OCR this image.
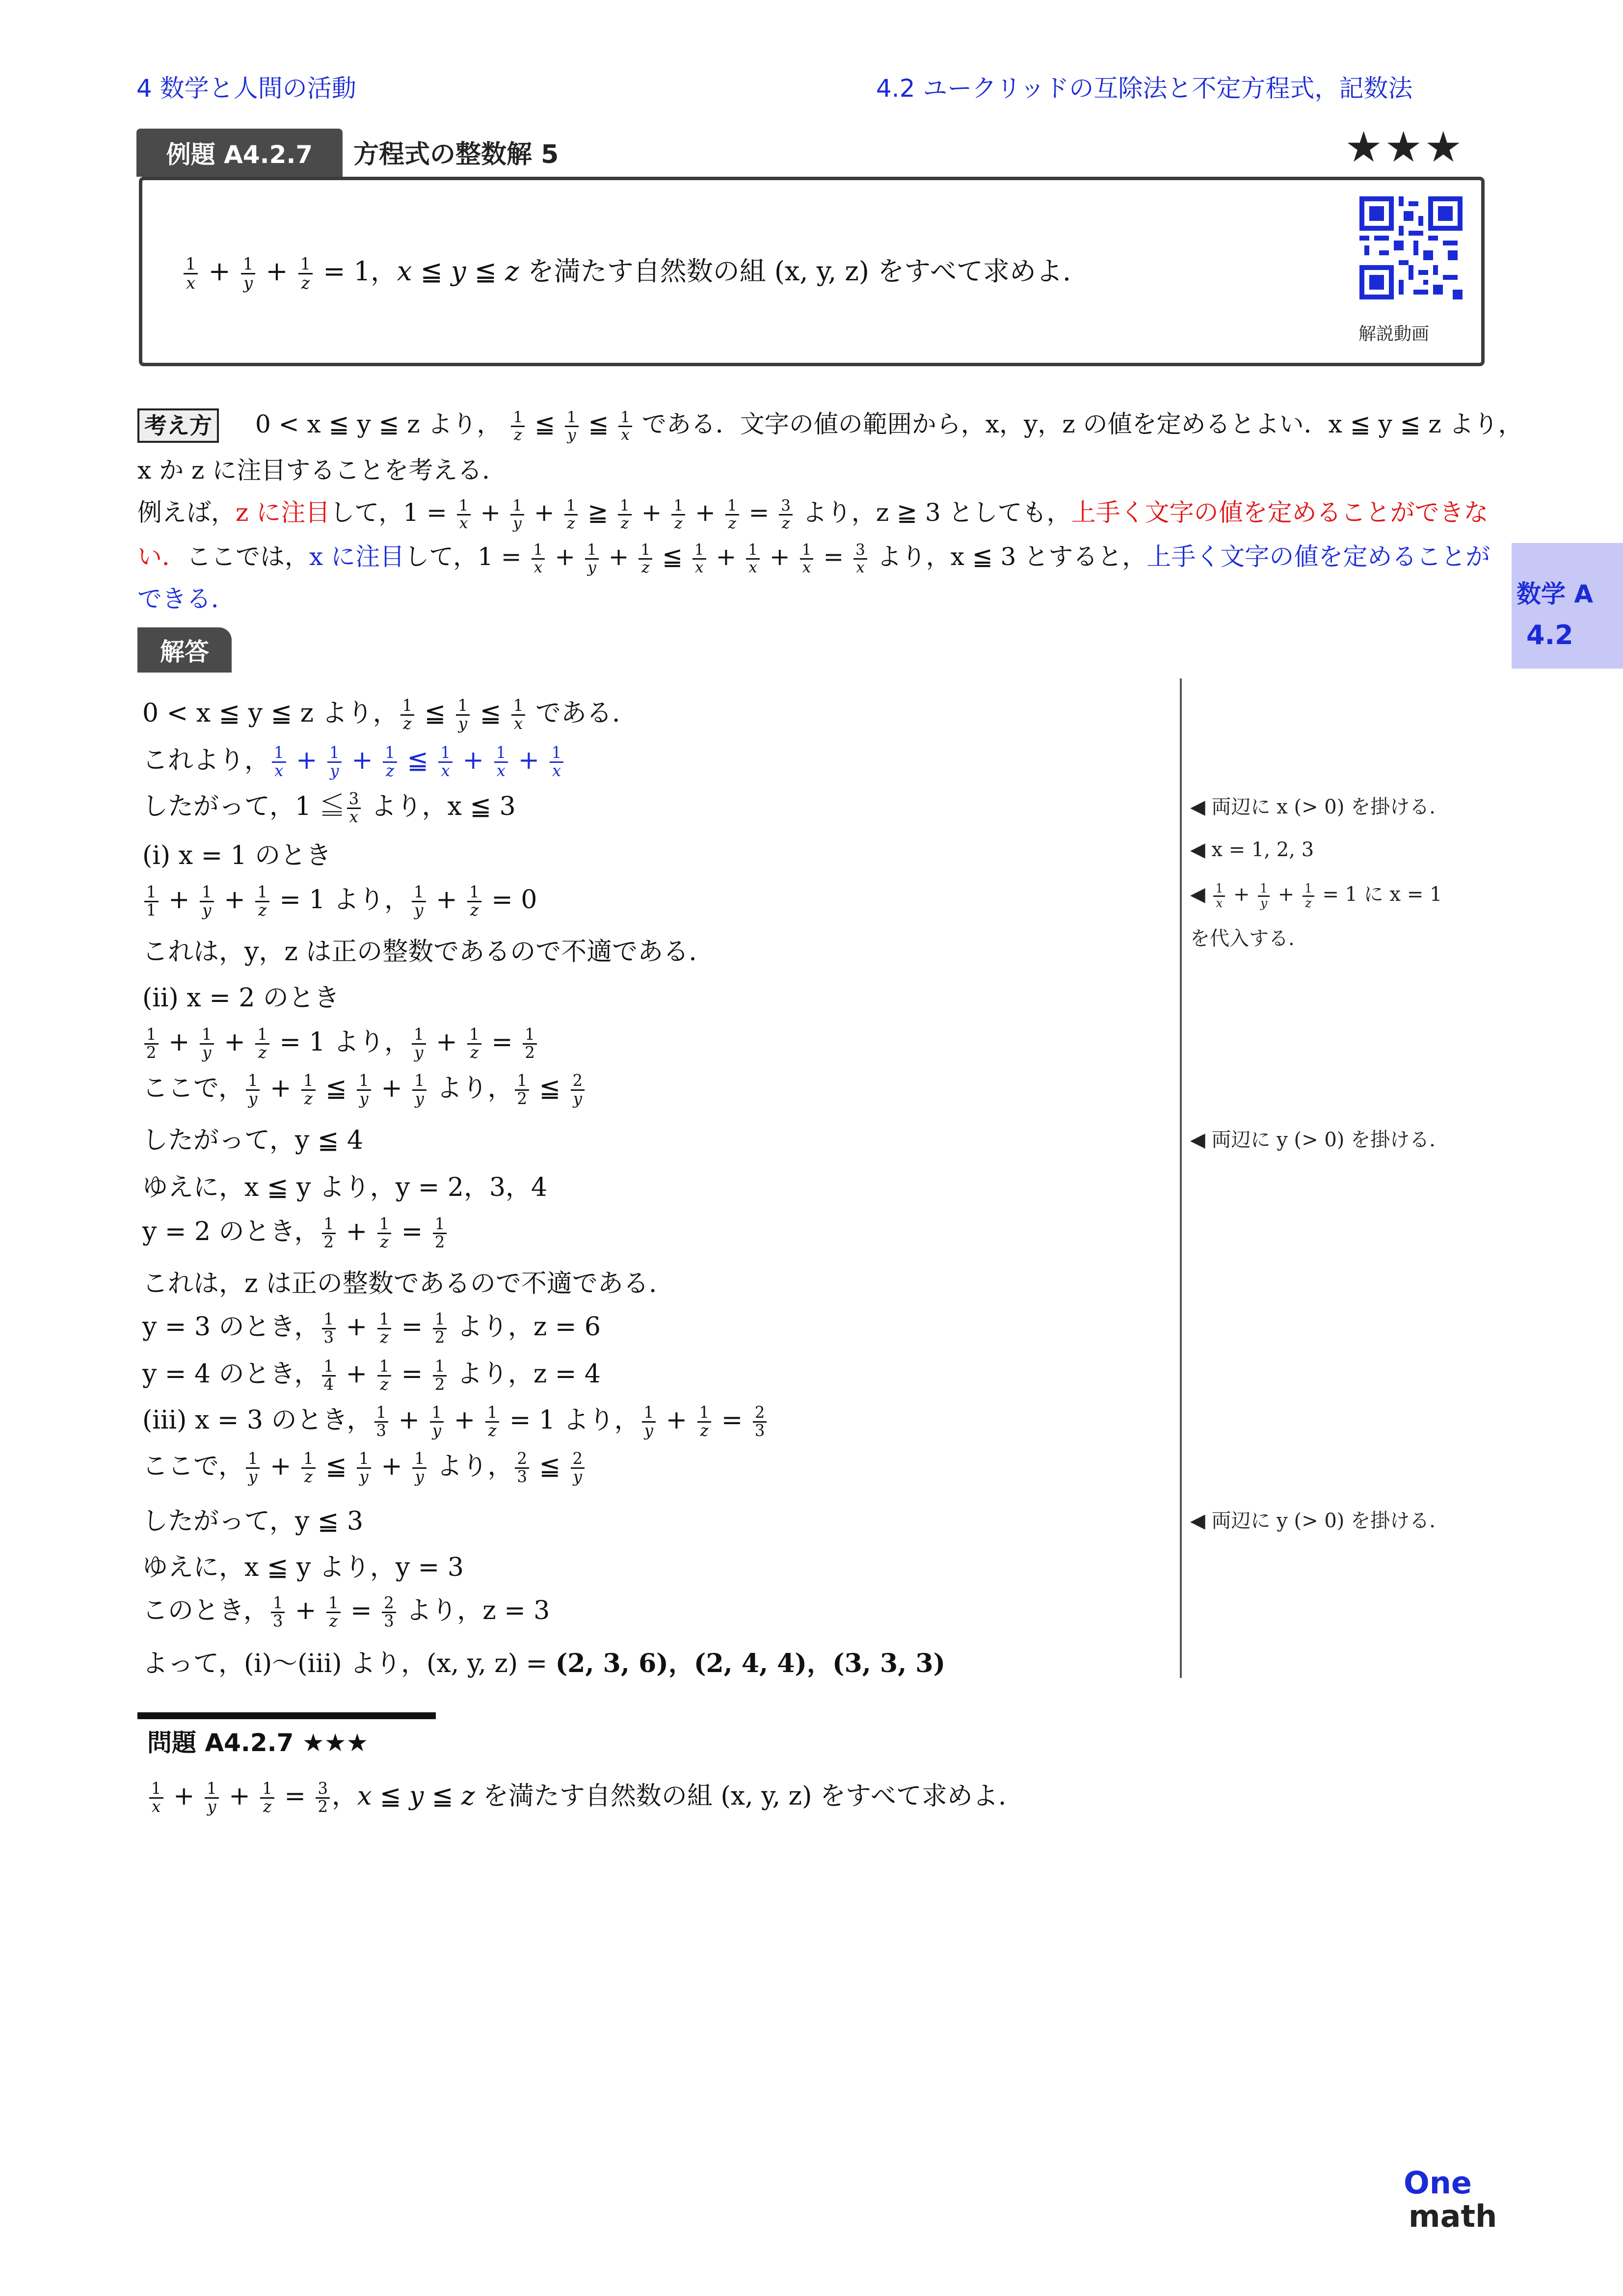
4 数学と人間の活動	4.2 ユークリッドの互除法と不定方程式，記数法
例題 A4.2.7	方程式の整数解 5	★★★
$\frac{1}{x} + \frac{1}{y} + \frac{1}{z} = 1$，x ≦ y ≦ z を満たす自然数の組 (x, y, z) をすべて求めよ.
解説動画
考え方 0 < x ≦ y ≦ z より， $\frac{1}{z}$ ≦ $\frac{1}{y}$ ≦ $\frac{1}{x}$ である．文字の値の範囲から，x，y，z の値を定めるとよい．x ≦ y ≦ z より，
x か z に注目することを考える．
例えば，z に注目して，$1 = \frac{1}{x} + \frac{1}{y} + \frac{1}{z}$ ≧ $\frac{1}{z} + \frac{1}{z} + \frac{1}{z} = \frac{3}{z}$ より，z ≧ 3 としても，上手く文字の値を定めることができな
い．ここでは，x に注目して，$1 = \frac{1}{x} + \frac{1}{y} + \frac{1}{z}$ ≦ $\frac{1}{x} + \frac{1}{x} + \frac{1}{x} = \frac{3}{x}$ より，x ≦ 3 とすると，上手く文字の値を定めることが
できる．	数学 A
4.2
解答
0 < x ≦ y ≦ z より， $\frac{1}{z}$ ≦ $\frac{1}{y}$ ≦ $\frac{1}{x}$ である.
これより， $\frac{1}{x} + \frac{1}{y} + \frac{1}{z}$ ≦ $\frac{1}{x} + \frac{1}{x} + \frac{1}{x}$
したがって，1 ≦ $\frac{3}{x}$ より，x ≦ 3
(i) x = 1 のとき
$\frac{1}{1} + \frac{1}{y} + \frac{1}{z} = 1$ より， $\frac{1}{y} + \frac{1}{z} = 0$
これは，y，z は正の整数であるので不適である.
(ii) x = 2 のとき
$\frac{1}{2} + \frac{1}{y} + \frac{1}{z} = 1$ より， $\frac{1}{y} + \frac{1}{z} = \frac{1}{2}$
ここで， $\frac{1}{y} + \frac{1}{z}$ ≦ $\frac{1}{y} + \frac{1}{y}$ より， $\frac{1}{2}$ ≦ $\frac{2}{y}$
したがって，y ≦ 4
ゆえに，x ≦ y より，y = 2，3，4
y = 2 のとき， $\frac{1}{2} + \frac{1}{z} = \frac{1}{2}$
これは，z は正の整数であるので不適である.
y = 3 のとき， $\frac{1}{3} + \frac{1}{z} = \frac{1}{2}$ より，z = 6
y = 4 のとき， $\frac{1}{4} + \frac{1}{z} = \frac{1}{2}$ より，z = 4
(iii) x = 3 のとき， $\frac{1}{3} + \frac{1}{y} + \frac{1}{z} = 1$ より， $\frac{1}{y} + \frac{1}{z} = \frac{2}{3}$
ここで， $\frac{1}{y} + \frac{1}{z}$ ≦ $\frac{1}{y} + \frac{1}{y}$ より， $\frac{2}{3}$ ≦ $\frac{2}{y}$
したがって，y ≦ 3
ゆえに，x ≦ y より，y = 3
このとき， $\frac{1}{3} + \frac{1}{z} = \frac{2}{3}$ より，z = 3
よって，(i)〜(iii) より，(x, y, z) = (2, 3, 6)，(2, 4, 4)，(3, 3, 3)
◀ 両辺に x (> 0) を掛ける.
◀ x = 1, 2, 3
◀ $\frac{1}{x} + \frac{1}{y} + \frac{1}{z} = 1$ に x = 1
を代入する.
◀ 両辺に y (> 0) を掛ける.
◀ 両辺に y (> 0) を掛ける.
問題 A4.2.7 ★★★
$\frac{1}{x} + \frac{1}{y} + \frac{1}{z} = \frac{3}{2}$ ，x ≦ y ≦ z を満たす自然数の組 (x, y, z) をすべて求めよ.
One
math
